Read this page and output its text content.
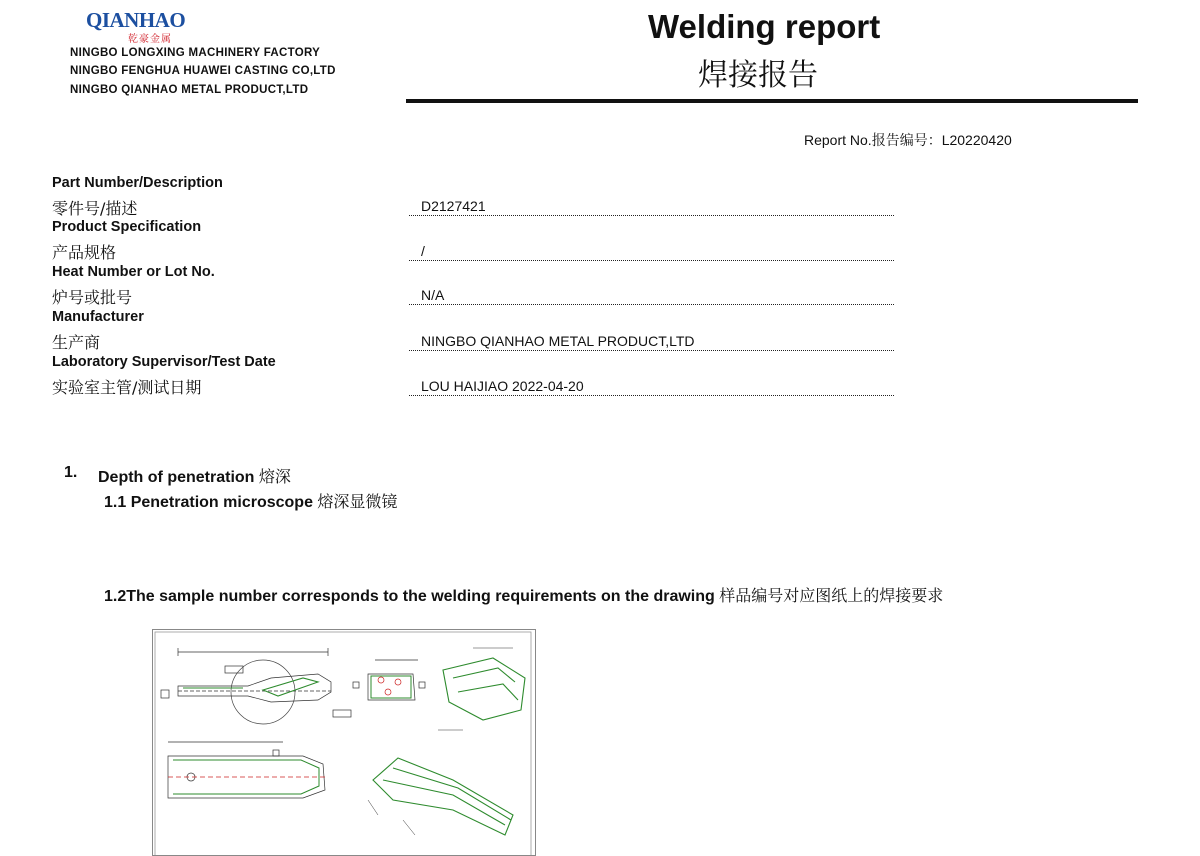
QIANHAO
乾豪金属
NINGBO LONGXING MACHINERY FACTORY
NINGBO FENGHUA HUAWEI CASTING CO,LTD
NINGBO QIANHAO METAL PRODUCT,LTD
Welding report
焊接报告
Report No.报告编号：L20220420
Part Number/Description
零件号/描述	D2127421
Product Specification
产品规格	/
Heat Number or Lot No.
炉号或批号	N/A
Manufacturer
生产商	NINGBO QIANHAO METAL PRODUCT,LTD
Laboratory Supervisor/Test Date
实验室主管/测试日期	LOU HAIJIAO 2022-04-20
1. Depth of penetration 熔深
1.1 Penetration microscope 熔深显微镜
1.2The sample number corresponds to the welding requirements on the drawing 样品编号对应图纸上的焊接要求
